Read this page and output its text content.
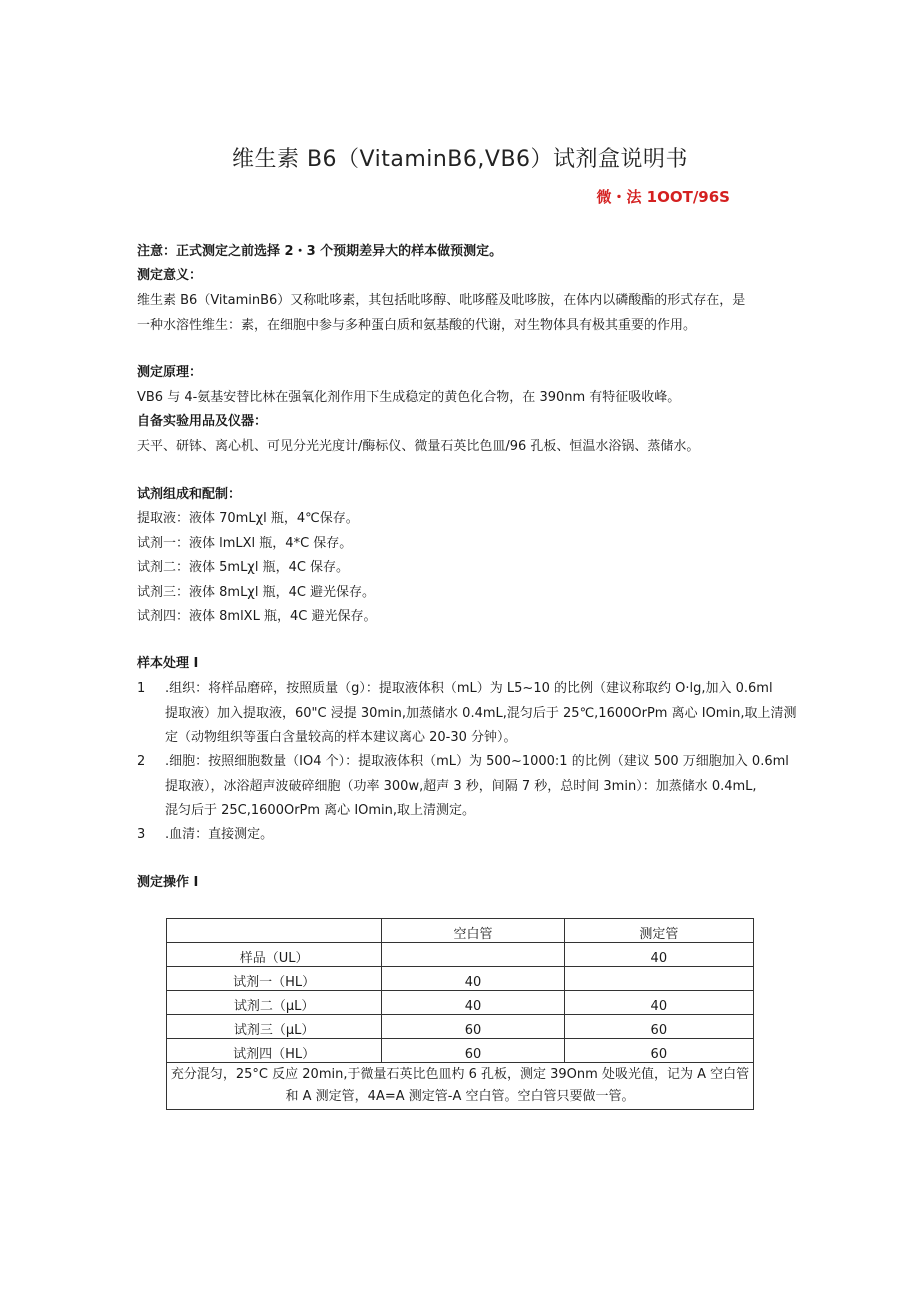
维生素 B6（VitaminB6,VB6）试剂盒说明书
微・法 1OOT/96S
注意：正式测定之前选择 2・3 个预期差异大的样本做预测定。
测定意义：
维生素 B6（VitaminB6）又称吡哆素，其包括吡哆醇、吡哆醛及吡哆胺，在体内以磷酸酯的形式存在，是
一种水溶性维生：素，在细胞中参与多种蛋白质和氨基酸的代谢，对生物体具有极其重要的作用。
测定原理：
VB6 与 4-氨基安替比林在强氧化剂作用下生成稳定的黄色化合物，在 390nm 有特征吸收峰。
自备实验用品及仪器：
天平、研钵、离心机、可见分光光度计/酶标仪、微量石英比色皿/96 孔板、恒温水浴锅、蒸储水。
试剂组成和配制：
提取液：液体 70mLχl 瓶，4℃保存。
试剂一：液体 lmLXl 瓶，4*C 保存。
试剂二：液体 5mLχl 瓶，4C 保存。
试剂三：液体 8mLχl 瓶，4C 避光保存。
试剂四：液体 8mlXL 瓶，4C 避光保存。
样本处理 I
1 .组织：将样品磨碎，按照质量（g）：提取液体积（mL）为 L5~10 的比例（建议称取约 O·lg,加入 0.6ml
提取液）加入提取液，60"C 浸提 30min,加蒸储水 0.4mL,混匀后于 25℃,1600OrPm 离心 IOmin,取上清测
定（动物组织等蛋白含量较高的样本建议离心 20-30 分钟）。
2 .细胞：按照细胞数量（IO4 个）：提取液体积（mL）为 500~1000:1 的比例（建议 500 万细胞加入 0.6ml
提取液），冰浴超声波破碎细胞（功率 300w,超声 3 秒，间隔 7 秒，总时间 3min）：加蒸储水 0.4mL,
混匀后于 25C,1600OrPm 离心 IOmin,取上清测定。
3 .血清：直接测定。
测定操作 I
	空白管	测定管
样品（UL）		40
试剂一（HL）	40	
试剂二（μL）	40	40
试剂三（μL）	60	60
试剂四（HL）	60	60

充分混匀，25°C 反应 20min,于微量石英比色皿杓 6 孔板，测定 39Onm 处吸光值，记为 A 空白管
和 A 测定管，4A=A 测定管-A 空白管。空白管只要做一管。		
